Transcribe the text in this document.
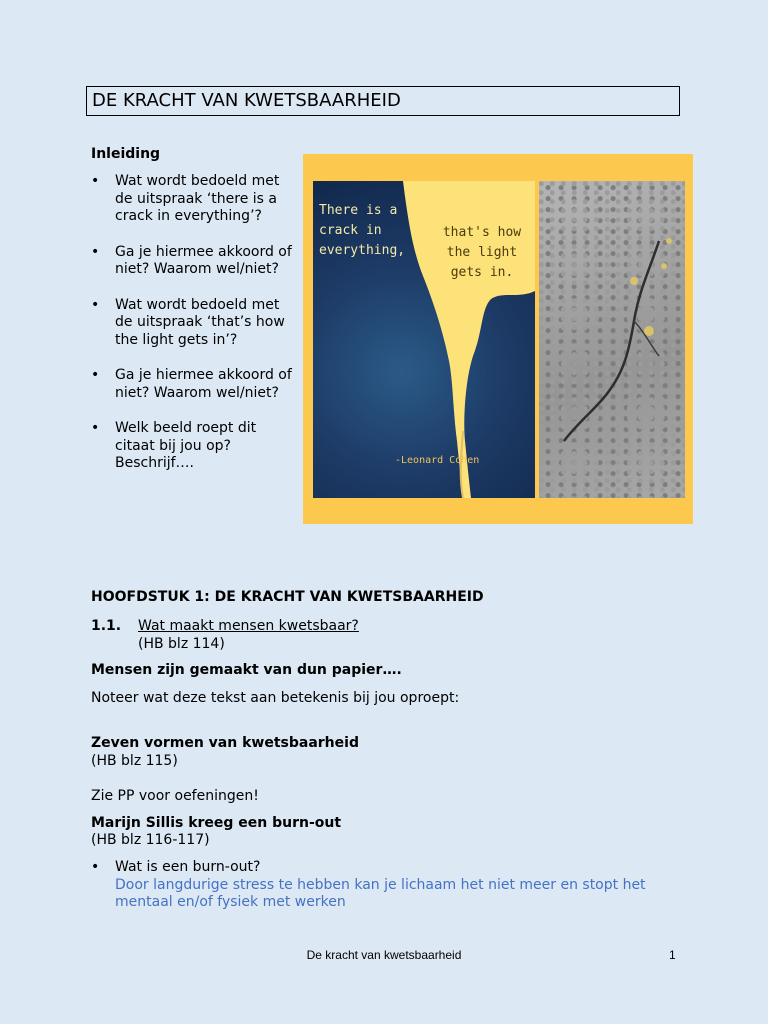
DE KRACHT VAN KWETSBAARHEID
Inleiding
• Wat wordt bedoeld met de uitspraak ‘there is a crack in everything’?
• Ga je hiermee akkoord of niet? Waarom wel/niet?
• Wat wordt bedoeld met de uitspraak ‘that’s how the light gets in’?
• Ga je hiermee akkoord of niet? Waarom wel/niet?
• Welk beeld roept dit citaat bij jou op? Beschrijf….
There is a crack in everything,
that's how the light gets in.
-Leonard Cohen
HOOFDSTUK 1: DE KRACHT VAN KWETSBAARHEID
1.1. Wat maakt mensen kwetsbaar?
(HB blz 114)
Mensen zijn gemaakt van dun papier….
Noteer wat deze tekst aan betekenis bij jou oproept:
Zeven vormen van kwetsbaarheid
(HB blz 115)
Zie PP voor oefeningen!
Marijn Sillis kreeg een burn-out
(HB blz 116-117)
•	Wat is een burn-out?
Door langdurige stress te hebben kan je lichaam het niet meer en stopt het mentaal en/of fysiek met werken
De kracht van kwetsbaarheid	1
